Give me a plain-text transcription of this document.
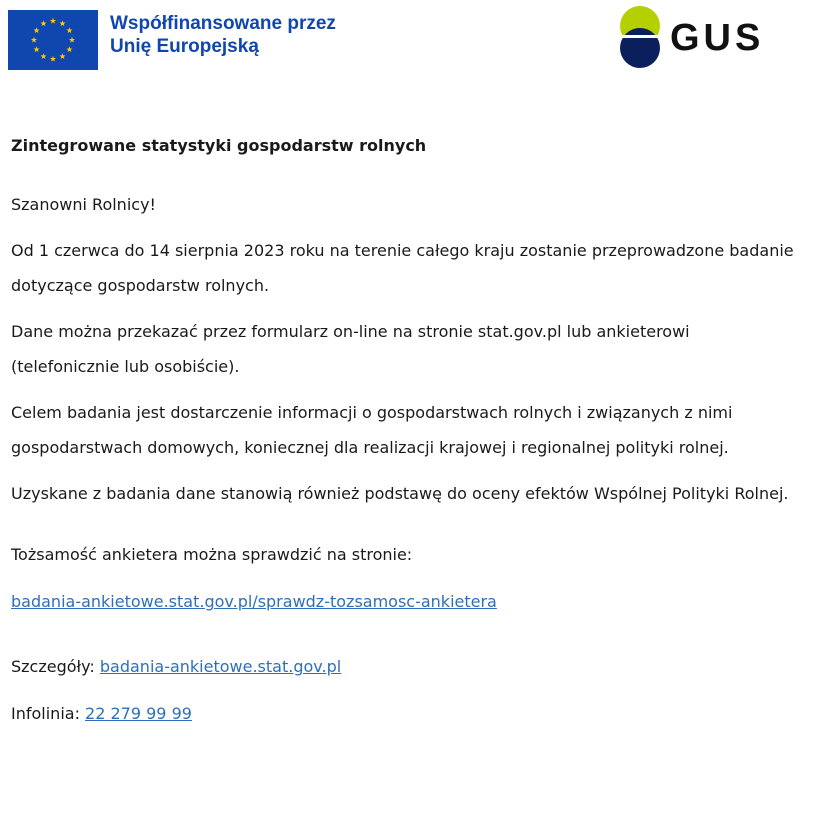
Współfinansowane przez
Unię Europejską	GUS

Zintegrowane statystyki gospodarstw rolnych

Szanowni Rolnicy!

Od 1 czerwca do 14 sierpnia 2023 roku na terenie całego kraju zostanie przeprowadzone badanie dotyczące gospodarstw rolnych.

Dane można przekazać przez formularz on-line na stronie stat.gov.pl lub ankieterowi (telefonicznie lub osobiście).

Celem badania jest dostarczenie informacji o gospodarstwach rolnych i związanych z nimi gospodarstwach domowych, koniecznej dla realizacji krajowej i regionalnej polityki rolnej.

Uzyskane z badania dane stanowią również podstawę do oceny efektów Wspólnej Polityki Rolnej.

Tożsamość ankietera można sprawdzić na stronie:

badania-ankietowe.stat.gov.pl/sprawdz-tozsamosc-ankietera

Szczegóły: badania-ankietowe.stat.gov.pl

Infolinia: 22 279 99 99
